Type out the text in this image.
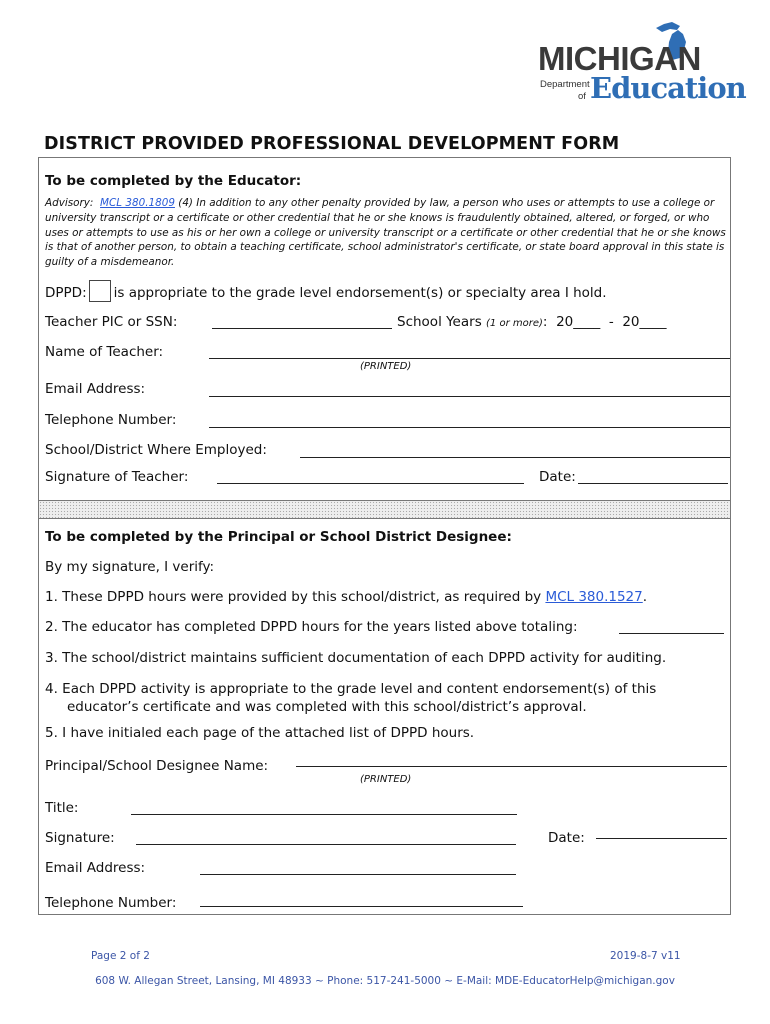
MICHIGAN
Department
of Education
DISTRICT PROVIDED PROFESSIONAL DEVELOPMENT FORM
To be completed by the Educator:
Advisory: MCL 380.1809 (4) In addition to any other penalty provided by law, a person who uses or attempts to use a college or university transcript or a certificate or other credential that he or she knows is fraudulently obtained, altered, or forged, or who uses or attempts to use as his or her own a college or university transcript or a certificate or other credential that he or she knows is that of another person, to obtain a teaching certificate, school administrator's certificate, or state board approval in this state is guilty of a misdemeanor.
DPPD: is appropriate to the grade level endorsement(s) or specialty area I hold.
Teacher PIC or SSN:	School Years (1 or more): 20____ - 20____
Name of Teacher:
(PRINTED)
Email Address:
Telephone Number:
School/District Where Employed:
Signature of Teacher:	Date:
To be completed by the Principal or School District Designee:
By my signature, I verify:
1. These DPPD hours were provided by this school/district, as required by MCL 380.1527.
2. The educator has completed DPPD hours for the years listed above totaling:
3. The school/district maintains sufficient documentation of each DPPD activity for auditing.
4. Each DPPD activity is appropriate to the grade level and content endorsement(s) of this
educator’s certificate and was completed with this school/district’s approval.
5. I have initialed each page of the attached list of DPPD hours.
Principal/School Designee Name:
(PRINTED)
Title:
Signature:	Date:
Email Address:
Telephone Number:
Page 2 of 2	2019-8-7 v11
608 W. Allegan Street, Lansing, MI 48933 ~ Phone: 517-241-5000 ~ E-Mail: MDE-EducatorHelp@michigan.gov
